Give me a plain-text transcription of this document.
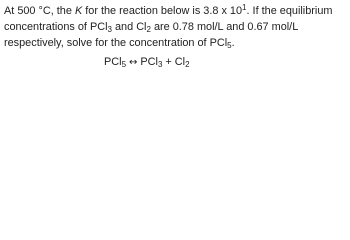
At 500 °C, the K for the reaction below is 3.8 x $10^1$. If the equilibrium concentrations of PCl$_3$ and $Cl_2$ are 0.78 mol/L and 0.67 mol/L respectively, solve for the concentration of PCl$_5$.

PCl$_5$ ↔ $PCl_3 + Cl_2$
